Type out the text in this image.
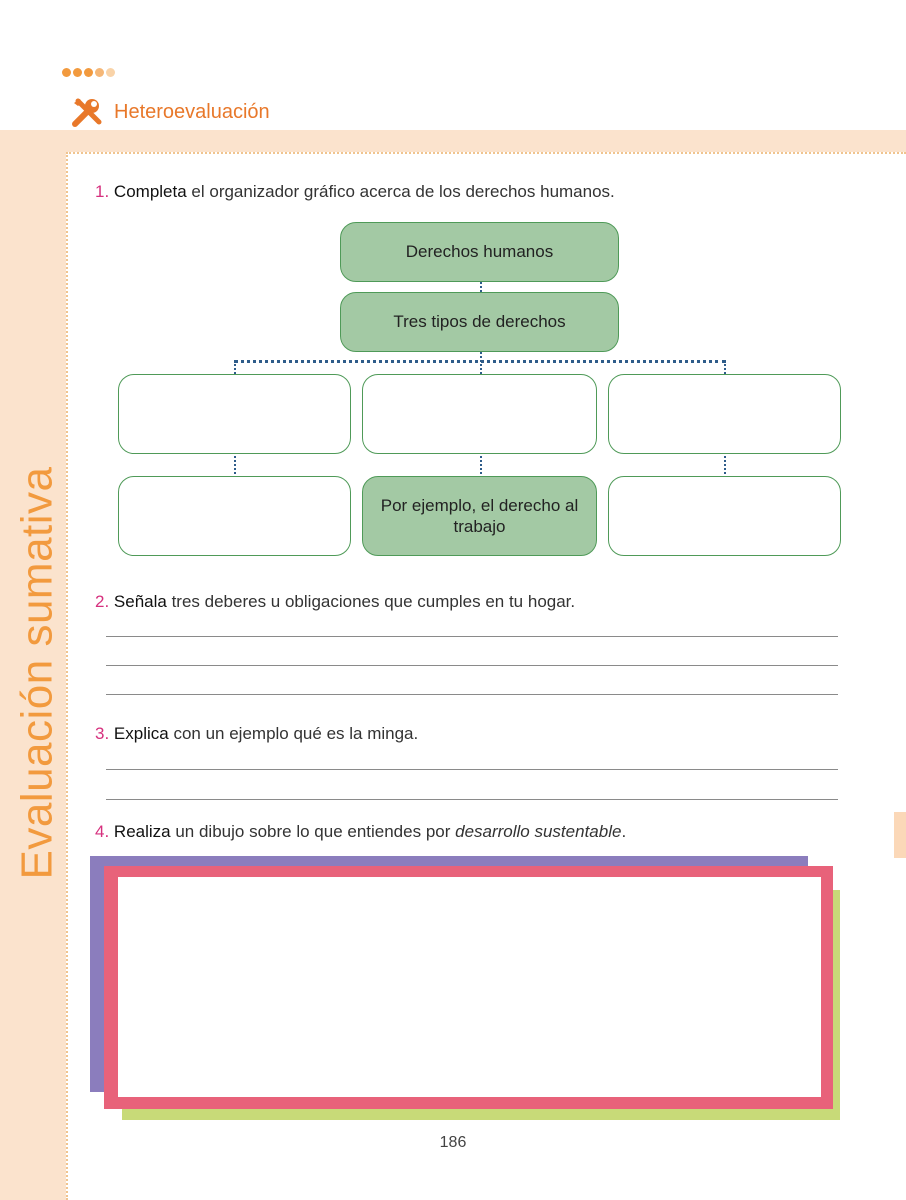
Heteroevaluación
Evaluación sumativa
1. Completa el organizador gráfico acerca de los derechos humanos.
Derechos humanos
Tres tipos de derechos
Por ejemplo, el derecho al trabajo
2. Señala tres deberes u obligaciones que cumples en tu hogar.
3. Explica con un ejemplo qué es la minga.
4. Realiza un dibujo sobre lo que entiendes por desarrollo sustentable.
186
